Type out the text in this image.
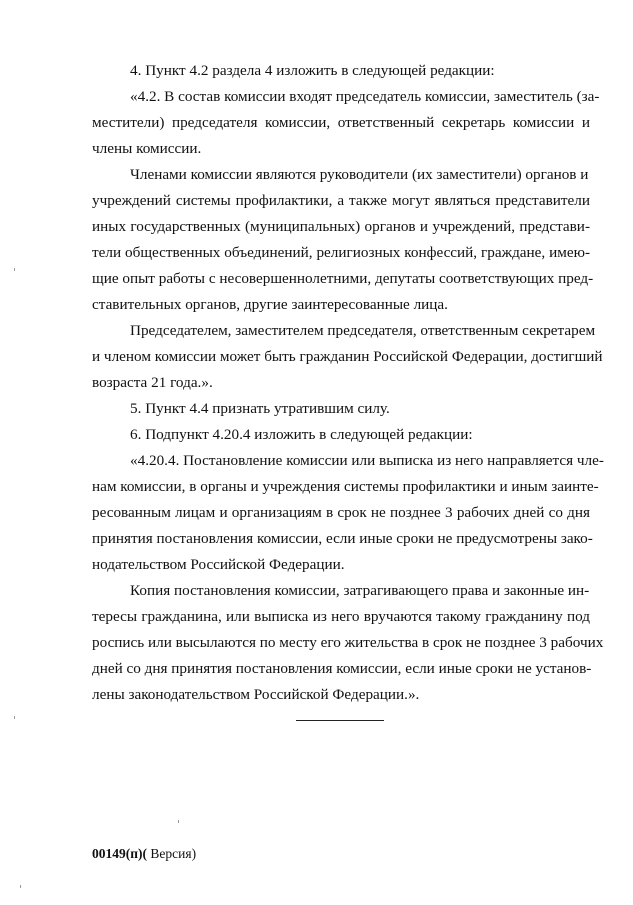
4. Пункт 4.2 раздела 4 изложить в следующей редакции:
«4.2. В состав комиссии входят председатель комиссии, заместитель (за-
местители) председателя комиссии, ответственный секретарь комиссии и
члены комиссии.
Членами комиссии являются руководители (их заместители) органов и
учреждений системы профилактики, а также могут являться представители
иных государственных (муниципальных) органов и учреждений, представи-
тели общественных объединений, религиозных конфессий, граждане, имею-
щие опыт работы с несовершеннолетними, депутаты соответствующих пред-
ставительных органов, другие заинтересованные лица.
Председателем, заместителем председателя, ответственным секретарем
и членом комиссии может быть гражданин Российской Федерации, достигший
возраста 21 года.».
5. Пункт 4.4 признать утратившим силу.
6. Подпункт 4.20.4 изложить в следующей редакции:
«4.20.4. Постановление комиссии или выписка из него направляется чле-
нам комиссии, в органы и учреждения системы профилактики и иным заинте-
ресованным лицам и организациям в срок не позднее 3 рабочих дней со дня
принятия постановления комиссии, если иные сроки не предусмотрены зако-
нодательством Российской Федерации.
Копия постановления комиссии, затрагивающего права и законные ин-
тересы гражданина, или выписка из него вручаются такому гражданину под
роспись или высылаются по месту его жительства в срок не позднее 3 рабочих
дней со дня принятия постановления комиссии, если иные сроки не установ-
лены законодательством Российской Федерации.».
00149(п)( Версия)
